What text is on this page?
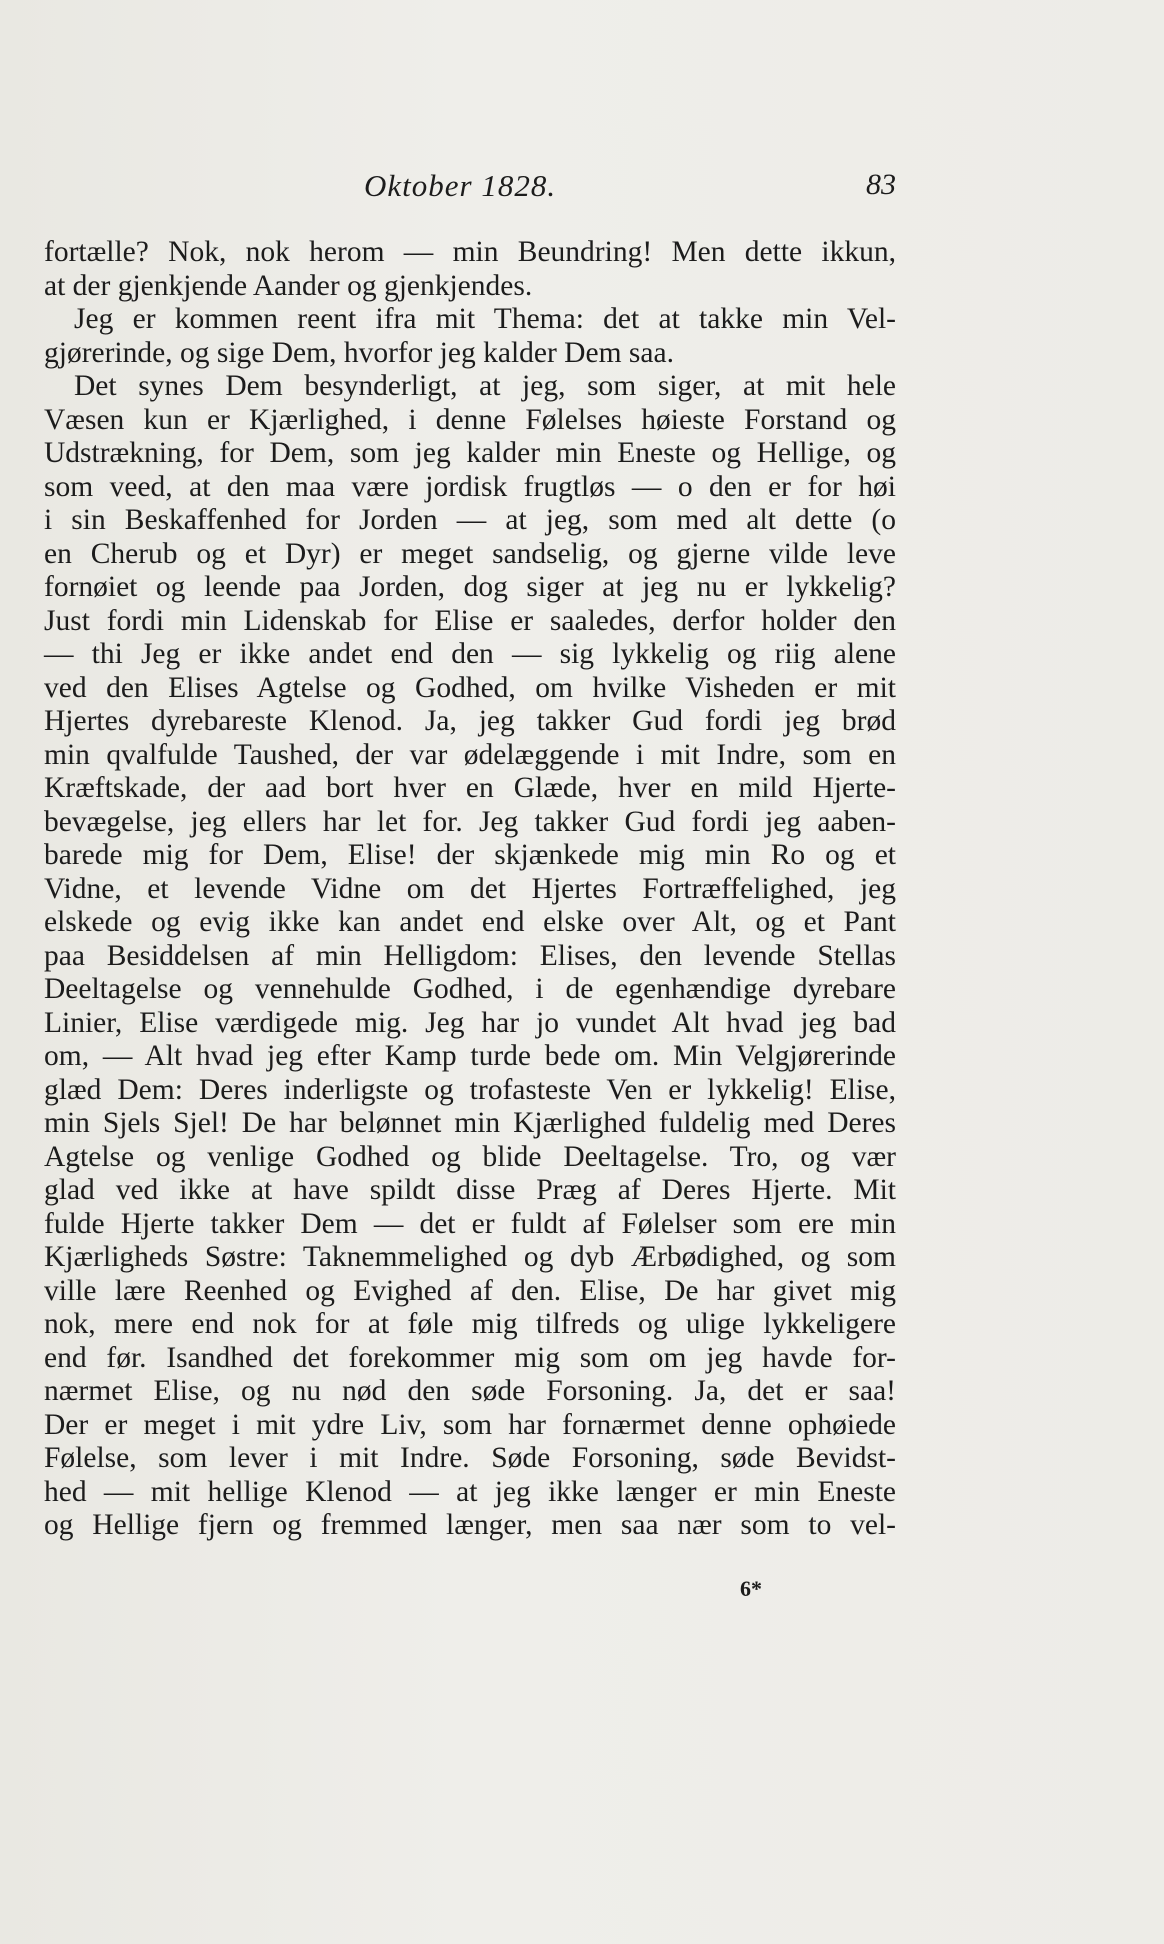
Oktober 1828.	83
fortælle? Nok, nok herom — min Beundring! Men dette ikkun,
at der gjenkjende Aander og gjenkjendes.
Jeg er kommen reent ifra mit Thema: det at takke min Vel-
gjørerinde, og sige Dem, hvorfor jeg kalder Dem saa.
Det synes Dem besynderligt, at jeg, som siger, at mit hele
Væsen kun er Kjærlighed, i denne Følelses høieste Forstand og
Udstrækning, for Dem, som jeg kalder min Eneste og Hellige, og
som veed, at den maa være jordisk frugtløs — o den er for høi
i sin Beskaffenhed for Jorden — at jeg, som med alt dette (o
en Cherub og et Dyr) er meget sandselig, og gjerne vilde leve
fornøiet og leende paa Jorden, dog siger at jeg nu er lykkelig?
Just fordi min Lidenskab for Elise er saaledes, derfor holder den
— thi Jeg er ikke andet end den — sig lykkelig og riig alene
ved den Elises Agtelse og Godhed, om hvilke Visheden er mit
Hjertes dyrebareste Klenod. Ja, jeg takker Gud fordi jeg brød
min qvalfulde Taushed, der var ødelæggende i mit Indre, som en
Kræftskade, der aad bort hver en Glæde, hver en mild Hjerte-
bevægelse, jeg ellers har let for. Jeg takker Gud fordi jeg aaben-
barede mig for Dem, Elise! der skjænkede mig min Ro og et
Vidne, et levende Vidne om det Hjertes Fortræffelighed, jeg
elskede og evig ikke kan andet end elske over Alt, og et Pant
paa Besiddelsen af min Helligdom: Elises, den levende Stellas
Deeltagelse og vennehulde Godhed, i de egenhændige dyrebare
Linier, Elise værdigede mig. Jeg har jo vundet Alt hvad jeg bad
om, — Alt hvad jeg efter Kamp turde bede om. Min Velgjørerinde
glæd Dem: Deres inderligste og trofasteste Ven er lykkelig! Elise,
min Sjels Sjel! De har belønnet min Kjærlighed fuldelig med Deres
Agtelse og venlige Godhed og blide Deeltagelse. Tro, og vær
glad ved ikke at have spildt disse Præg af Deres Hjerte. Mit
fulde Hjerte takker Dem — det er fuldt af Følelser som ere min
Kjærligheds Søstre: Taknemmelighed og dyb Ærbødighed, og som
ville lære Reenhed og Evighed af den. Elise, De har givet mig
nok, mere end nok for at føle mig tilfreds og ulige lykkeligere
end før. Isandhed det forekommer mig som om jeg havde for-
nærmet Elise, og nu nød den søde Forsoning. Ja, det er saa!
Der er meget i mit ydre Liv, som har fornærmet denne ophøiede
Følelse, som lever i mit Indre. Søde Forsoning, søde Bevidst-
hed — mit hellige Klenod — at jeg ikke længer er min Eneste
og Hellige fjern og fremmed længer, men saa nær som to vel-
6*
